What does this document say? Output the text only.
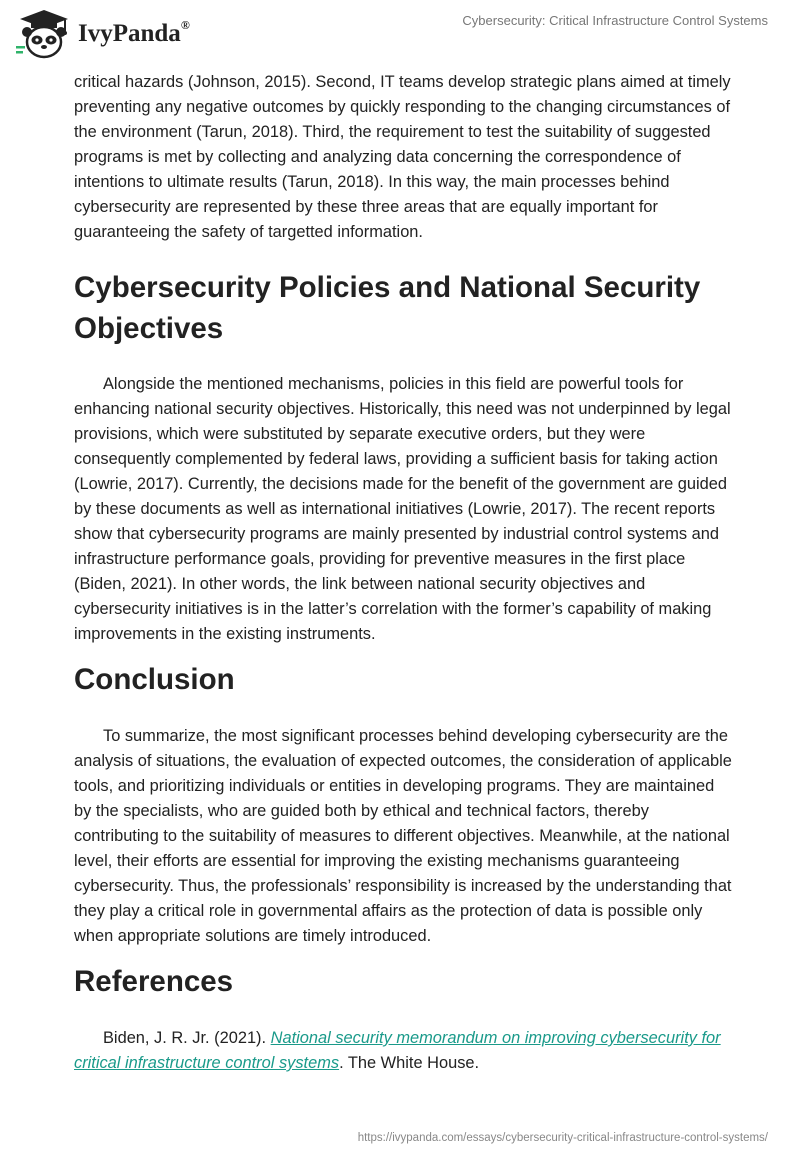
IvyPanda®	Cybersecurity: Critical Infrastructure Control Systems

critical hazards (Johnson, 2015). Second, IT teams develop strategic plans aimed at timely preventing any negative outcomes by quickly responding to the changing circumstances of the environment (Tarun, 2018). Third, the requirement to test the suitability of suggested programs is met by collecting and analyzing data concerning the correspondence of intentions to ultimate results (Tarun, 2018). In this way, the main processes behind cybersecurity are represented by these three areas that are equally important for guaranteeing the safety of targetted information.

Cybersecurity Policies and National Security Objectives

Alongside the mentioned mechanisms, policies in this field are powerful tools for enhancing national security objectives. Historically, this need was not underpinned by legal provisions, which were substituted by separate executive orders, but they were consequently complemented by federal laws, providing a sufficient basis for taking action (Lowrie, 2017). Currently, the decisions made for the benefit of the government are guided by these documents as well as international initiatives (Lowrie, 2017). The recent reports show that cybersecurity programs are mainly presented by industrial control systems and infrastructure performance goals, providing for preventive measures in the first place (Biden, 2021). In other words, the link between national security objectives and cybersecurity initiatives is in the latter’s correlation with the former’s capability of making improvements in the existing instruments.

Conclusion

To summarize, the most significant processes behind developing cybersecurity are the analysis of situations, the evaluation of expected outcomes, the consideration of applicable tools, and prioritizing individuals or entities in developing programs. They are maintained by the specialists, who are guided both by ethical and technical factors, thereby contributing to the suitability of measures to different objectives. Meanwhile, at the national level, their efforts are essential for improving the existing mechanisms guaranteeing cybersecurity. Thus, the professionals’ responsibility is increased by the understanding that they play a critical role in governmental affairs as the protection of data is possible only when appropriate solutions are timely introduced.

References

Biden, J. R. Jr. (2021). National security memorandum on improving cybersecurity for critical infrastructure control systems. The White House.

https://ivypanda.com/essays/cybersecurity-critical-infrastructure-control-systems/
